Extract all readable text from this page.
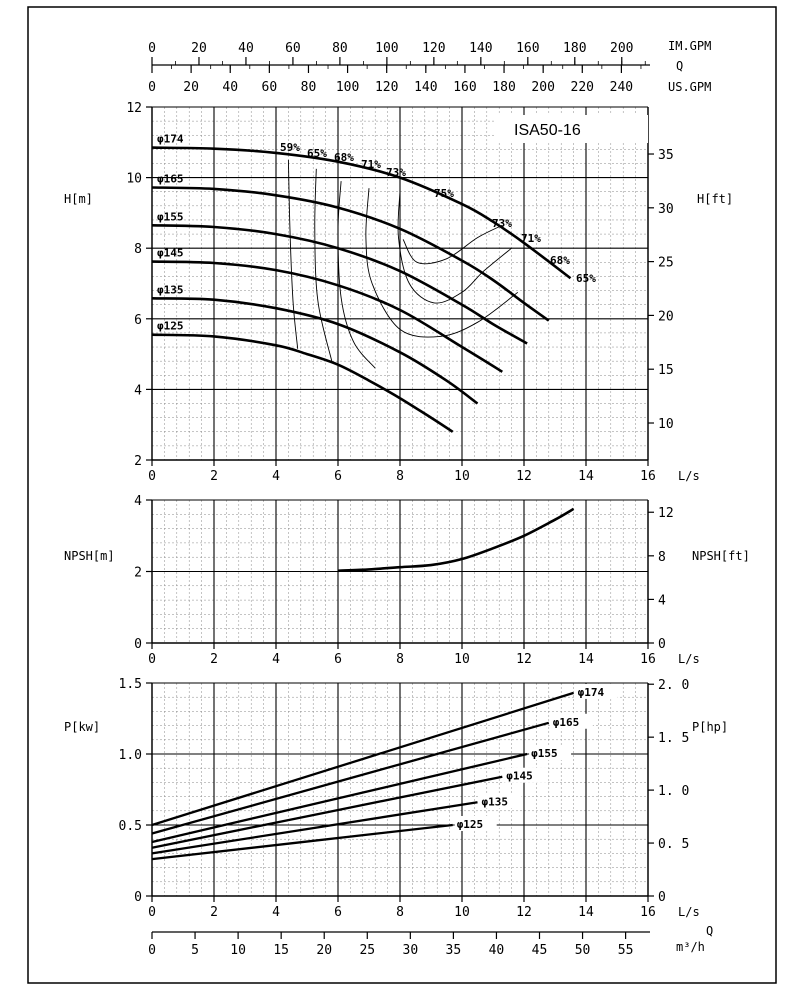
0	20 40 60 80 100 120 140 160 180 200
0 20 40 60 80 100 120 140 160 180 200 220 240
IM.GPM
Q
US.GPM
φ174
φ165
φ155
φ145
φ135
φ125
59% 65% 68%
71%
73%
75%
73%
71%
68%
65%
0	2	4	6	8	10	12	14	16
2
4
6
8
10
12
10
15
20
25
30
35
L/s
H[m]	H[ft]
ISA50-16
0	2	4	6	8	10	12	14	16
0
2
4
0
4
8
12
L/s
NPSH[m]	NPSH[ft]
φ174
φ165
φ155
φ145
φ135
φ125
0	2	4	6	8	10	12	14	16
0
0.5
1.0
1.5
0
0. 5
1. 0
1. 5
2. 0
L/s
P[kw]	P[hp]
0	5 10 15 20 25 30 35 40 45 50 55
Q
m³/h
